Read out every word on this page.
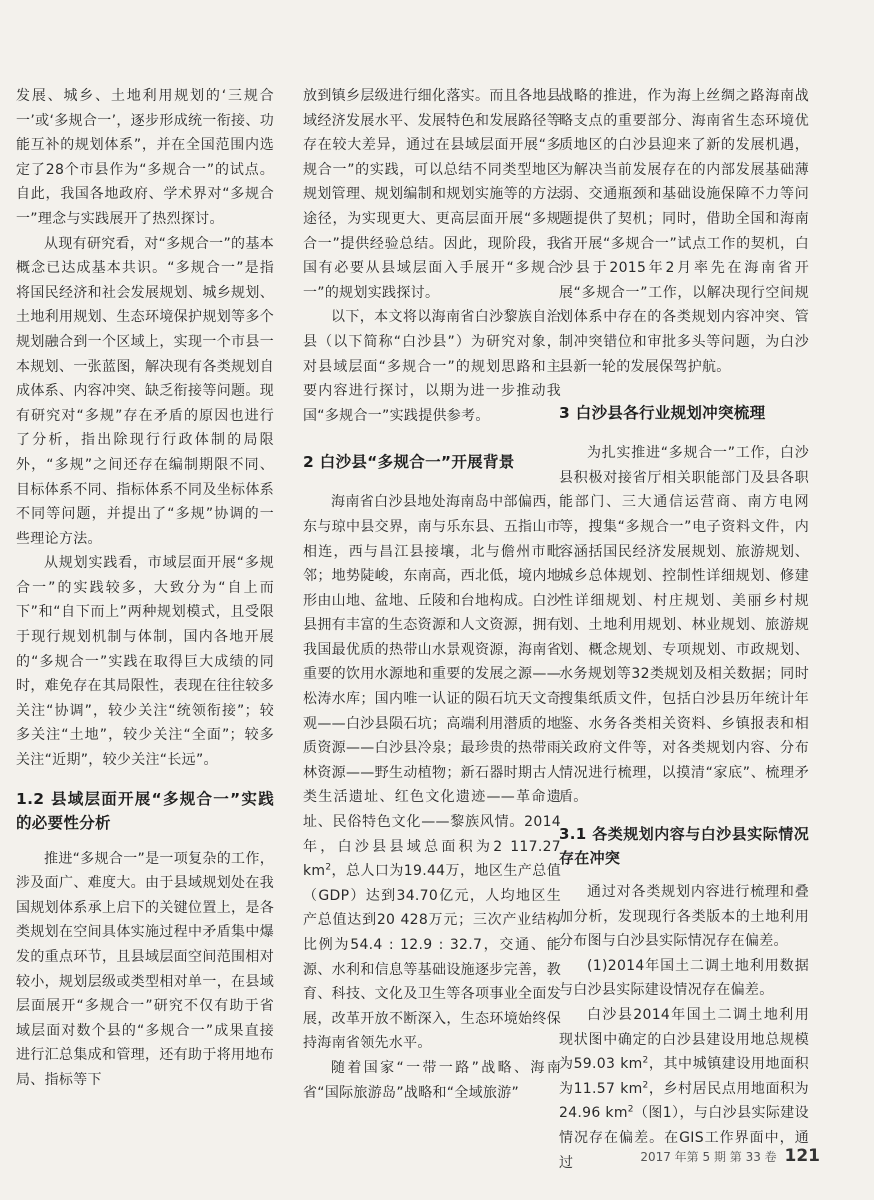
发展、城乡、土地利用规划的‘三规合一’或‘多规合一’，逐步形成统一衔接、功能互补的规划体系”，并在全国范围内选定了28个市县作为“多规合一”的试点。自此，我国各地政府、学术界对“多规合一”理念与实践展开了热烈探讨。

从现有研究看，对“多规合一”的基本概念已达成基本共识。“多规合一”是指将国民经济和社会发展规划、城乡规划、土地利用规划、生态环境保护规划等多个规划融合到一个区域上，实现一个市县一本规划、一张蓝图，解决现有各类规划自成体系、内容冲突、缺乏衔接等问题。现有研究对“多规”存在矛盾的原因也进行了分析，指出除现行行政体制的局限外，“多规”之间还存在编制期限不同、目标体系不同、指标体系不同及坐标体系不同等问题，并提出了“多规”协调的一些理论方法。

从规划实践看，市域层面开展“多规合一”的实践较多，大致分为“自上而下”和“自下而上”两种规划模式，且受限于现行规划机制与体制，国内各地开展的“多规合一”实践在取得巨大成绩的同时，难免存在其局限性，表现在往往较多关注“协调”，较少关注“统领衔接”；较多关注“土地”，较少关注“全面”；较多关注“近期”，较少关注“长远”。

1.2 县域层面开展“多规合一”实践的必要性分析

推进“多规合一”是一项复杂的工作，涉及面广、难度大。由于县域规划处在我国规划体系承上启下的关键位置上，是各类规划在空间具体实施过程中矛盾集中爆发的重点环节，且县域层面空间范围相对较小，规划层级或类型相对单一，在县域层面展开“多规合一”研究不仅有助于省域层面对数个县的“多规合一”成果直接进行汇总集成和管理，还有助于将用地布局、指标等下

放到镇乡层级进行细化落实。而且各地县域经济发展水平、发展特色和发展路径等存在较大差异，通过在县域层面开展“多规合一”的实践，可以总结不同类型地区规划管理、规划编制和规划实施等的方法途径，为实现更大、更高层面开展“多规合一”提供经验总结。因此，现阶段，我国有必要从县域层面入手展开“多规合一”的规划实践探讨。

以下，本文将以海南省白沙黎族自治县（以下简称“白沙县”）为研究对象，对县域层面“多规合一”的规划思路和主要内容进行探讨，以期为进一步推动我国“多规合一”实践提供参考。

2 白沙县“多规合一”开展背景

海南省白沙县地处海南岛中部偏西，东与琼中县交界，南与乐东县、五指山市相连，西与昌江县接壤，北与儋州市毗邻；地势陡峻，东南高，西北低，境内地形由山地、盆地、丘陵和台地构成。白沙县拥有丰富的生态资源和人文资源，拥有我国最优质的热带山水景观资源，海南省重要的饮用水源地和重要的发展之源——松涛水库；国内唯一认证的陨石坑天文奇观——白沙县陨石坑；高端利用潜质的地质资源——白沙县冷泉；最珍贵的热带雨林资源——野生动植物；新石器时期古人类生活遗址、红色文化遗迹——革命遗址、民俗特色文化——黎族风情。2014年，白沙县县域总面积为2 117.27 $km^2$，总人口为19.44万，地区生产总值（GDP）达到34.70亿元，人均地区生产总值达到20 428万元；三次产业结构比例为54.4 : 12.9 : 32.7，交通、能源、水利和信息等基础设施逐步完善，教育、科技、文化及卫生等各项事业全面发展，改革开放不断深入，生态环境始终保持海南省领先水平。

随着国家“一带一路”战略、海南省“国际旅游岛”战略和“全域旅游”

战略的推进，作为海上丝绸之路海南战略支点的重要部分、海南省生态环境优质地区的白沙县迎来了新的发展机遇，为解决当前发展存在的内部发展基础薄弱、交通瓶颈和基础设施保障不力等问题提供了契机；同时，借助全国和海南省开展“多规合一”试点工作的契机，白沙县于2015年2月率先在海南省开展“多规合一”工作，以解决现行空间规划体系中存在的各类规划内容冲突、管制冲突错位和审批多头等问题，为白沙县新一轮的发展保驾护航。

3 白沙县各行业规划冲突梳理

为扎实推进“多规合一”工作，白沙县积极对接省厅相关职能部门及县各职能部门、三大通信运营商、南方电网等，搜集“多规合一”电子资料文件，内容涵括国民经济发展规划、旅游规划、城乡总体规划、控制性详细规划、修建性详细规划、村庄规划、美丽乡村规划、土地利用规划、林业规划、旅游规划、概念规划、专项规划、市政规划、水务规划等32类规划及相关数据；同时搜集纸质文件，包括白沙县历年统计年鉴、水务各类相关资料、乡镇报表和相关政府文件等，对各类规划内容、分布情况进行梳理，以摸清“家底”、梳理矛盾。

3.1 各类规划内容与白沙县实际情况存在冲突

通过对各类规划内容进行梳理和叠加分析，发现现行各类版本的土地利用分布图与白沙县实际情况存在偏差。

(1)2014年国土二调土地利用数据与白沙县实际建设情况存在偏差。

白沙县2014年国土二调土地利用现状图中确定的白沙县建设用地总规模为59.03 $km^2$，其中城镇建设用地面积为11.57 $km^2$，乡村居民点用地面积为24.96 $km^2$（图1），与白沙县实际建设情况存在偏差。在GIS工作界面中，通过	2017 年第 5 期 第 33 卷 121
